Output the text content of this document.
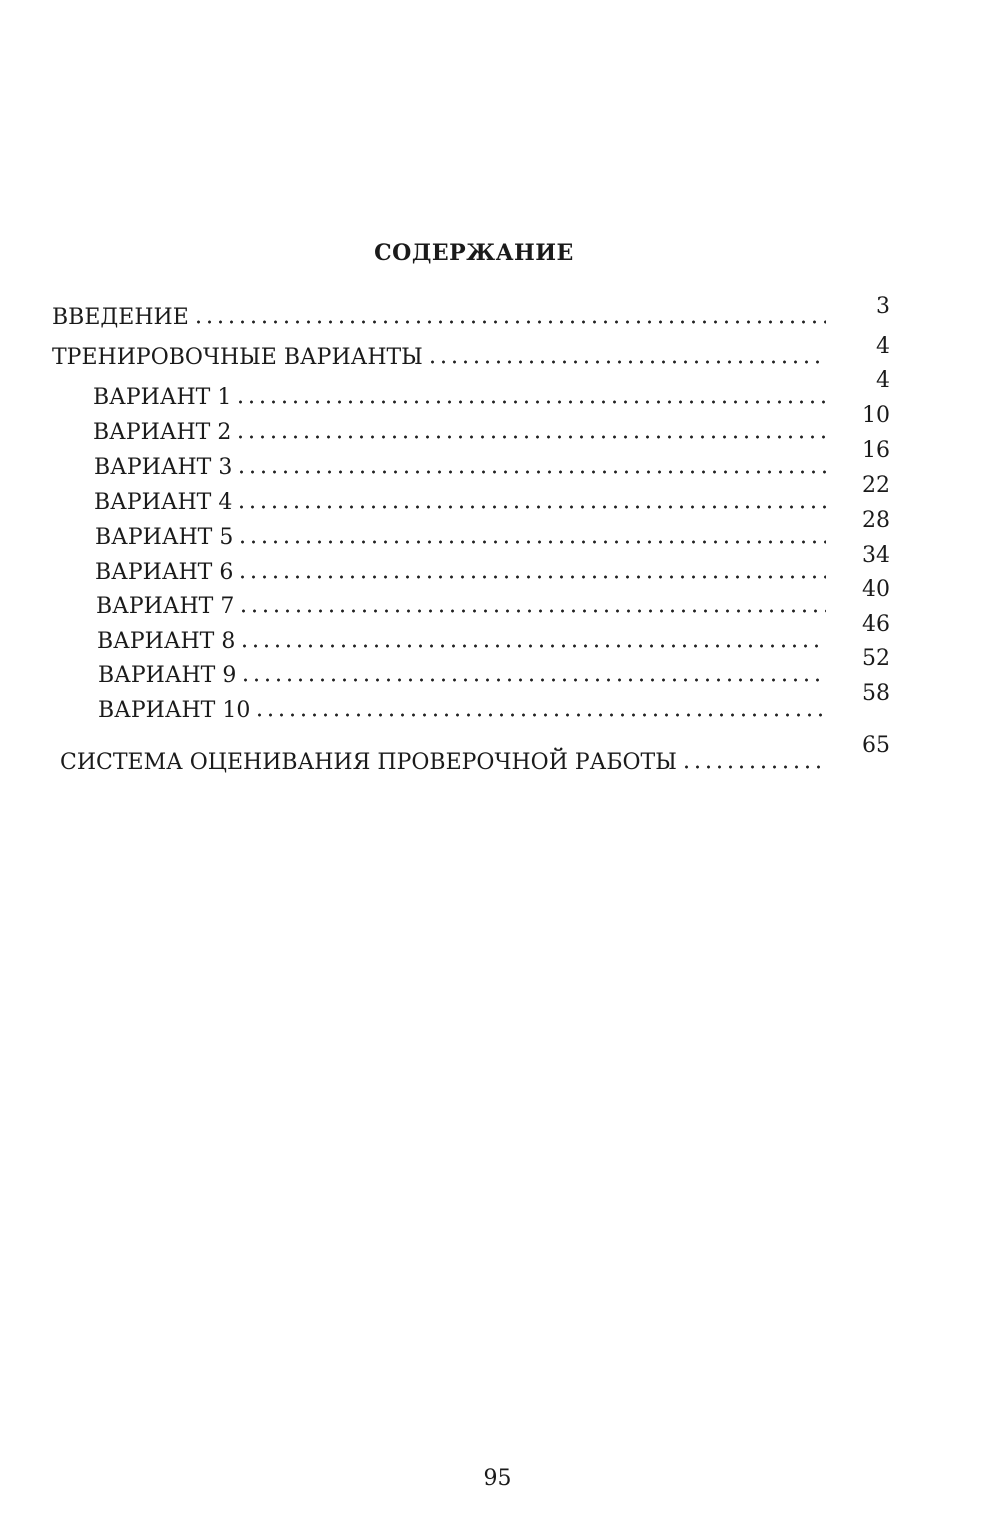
СОДЕРЖАНИЕ
ВВЕДЕНИЕ	3
ТРЕНИРОВОЧНЫЕ ВАРИАНТЫ	4
ВАРИАНТ 1
4
ВАРИАНТ 2
10
ВАРИАНТ 3
16
ВАРИАНТ 4
22
ВАРИАНТ 5
28
ВАРИАНТ 6
34
ВАРИАНТ 7
40
ВАРИАНТ 8
46
ВАРИАНТ 9
52
ВАРИАНТ 10
58
СИСТЕМА ОЦЕНИВАНИЯ ПРОВЕРОЧНОЙ РАБОТЫ
65
95
